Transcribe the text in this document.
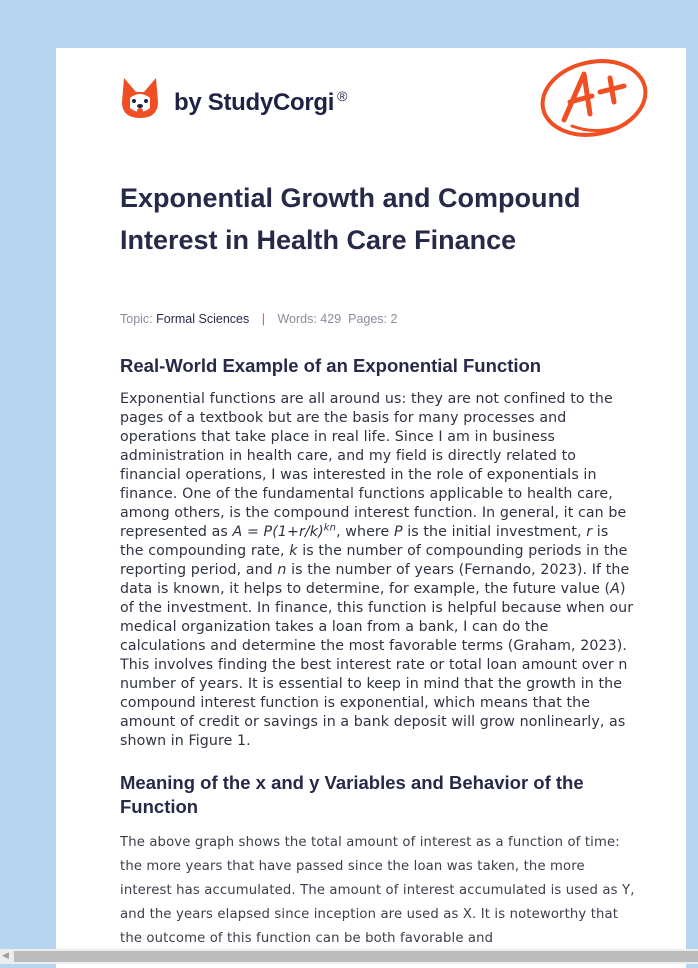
by StudyCorgi ®
Exponential Growth and Compound Interest in Health Care Finance
Topic: Formal Sciences | Words: 429 Pages: 2
Real-World Example of an Exponential Function

Exponential functions are all around us: they are not confined to the pages of a textbook but are the basis for many processes and operations that take place in real life. Since I am in business administration in health care, and my field is directly related to financial operations, I was interested in the role of exponentials in finance. One of the fundamental functions applicable to health care, among others, is the compound interest function. In general, it can be represented as $A = P(1+r/k)^{kn}$, where P is the initial investment, r is the compounding rate, k is the number of compounding periods in the reporting period, and n is the number of years (Fernando, 2023). If the data is known, it helps to determine, for example, the future value (A) of the investment. In finance, this function is helpful because when our medical organization takes a loan from a bank, I can do the calculations and determine the most favorable terms (Graham, 2023). This involves finding the best interest rate or total loan amount over n number of years. It is essential to keep in mind that the growth in the compound interest function is exponential, which means that the amount of credit or savings in a bank deposit will grow nonlinearly, as shown in Figure 1.

Meaning of the x and y Variables and Behavior of the Function

The above graph shows the total amount of interest as a function of time: the more years that have passed since the loan was taken, the more interest has accumulated. The amount of interest accumulated is used as Y, and the years elapsed since inception are used as X. It is noteworthy that the outcome of this function can be both favorable and

◀
